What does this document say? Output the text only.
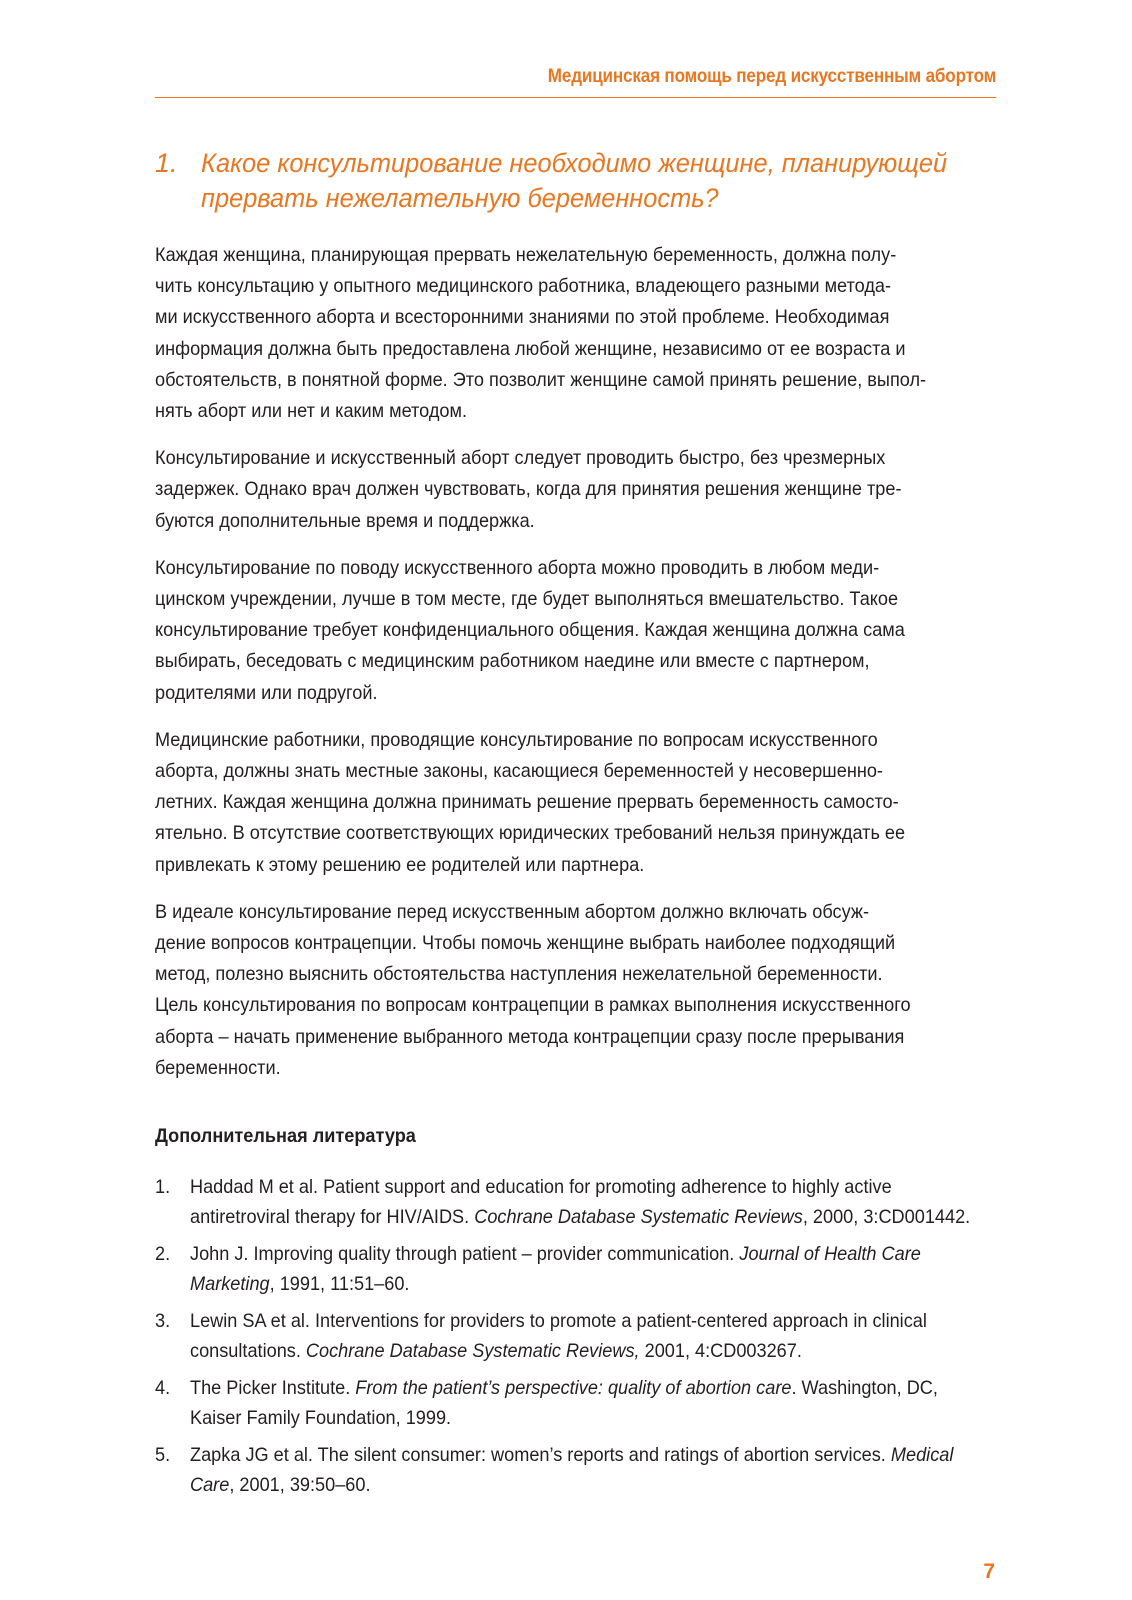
Медицинская помощь перед искусственным абортом
1. Какое консультирование необходимо женщине, планирующей
прервать нежелательную беременность?

Каждая женщина, планирующая прервать нежелательную беременность, должна полу-
чить консультацию у опытного медицинского работника, владеющего разными метода-
ми искусственного аборта и всесторонними знаниями по этой проблеме. Необходимая
информация должна быть предоставлена любой женщине, независимо от ее возраста и
обстоятельств, в понятной форме. Это позволит женщине самой принять решение, выпол-
нять аборт или нет и каким методом.

Консультирование и искусственный аборт следует проводить быстро, без чрезмерных
задержек. Однако врач должен чувствовать, когда для принятия решения женщине тре-
буются дополнительные время и поддержка.

Консультирование по поводу искусственного аборта можно проводить в любом меди-
цинском учреждении, лучше в том месте, где будет выполняться вмешательство. Такое
консультирование требует конфиденциального общения. Каждая женщина должна сама
выбирать, беседовать с медицинским работником наедине или вместе с партнером,
родителями или подругой.

Медицинские работники, проводящие консультирование по вопросам искусственного
аборта, должны знать местные законы, касающиеся беременностей у несовершенно-
летних. Каждая женщина должна принимать решение прервать беременность самосто-
ятельно. В отсутствие соответствующих юридических требований нельзя принуждать ее
привлекать к этому решению ее родителей или партнера.

В идеале консультирование перед искусственным абортом должно включать обсуж-
дение вопросов контрацепции. Чтобы помочь женщине выбрать наиболее подходящий
метод, полезно выяснить обстоятельства наступления нежелательной беременности.
Цель консультирования по вопросам контрацепции в рамках выполнения искусственного
аборта – начать применение выбранного метода контрацепции сразу после прерывания
беременности.

Дополнительная литература
1. Haddad M et al. Patient support and education for promoting adherence to highly active
antiretroviral therapy for HIV/AIDS. Cochrane Database Systematic Reviews, 2000, 3:CD001442.
2. John J. Improving quality through patient – provider communication. Journal of Health Care
Marketing, 1991, 11:51–60.
3. Lewin SA et al. Interventions for providers to promote a patient-centered approach in clinical
consultations. Cochrane Database Systematic Reviews, 2001, 4:CD003267.
4. The Picker Institute. From the patient’s perspective: quality of abortion care. Washington, DC,
Kaiser Family Foundation, 1999.
5. Zapka JG et al. The silent consumer: women’s reports and ratings of abortion services. Medical
Care, 2001, 39:50–60.
7
